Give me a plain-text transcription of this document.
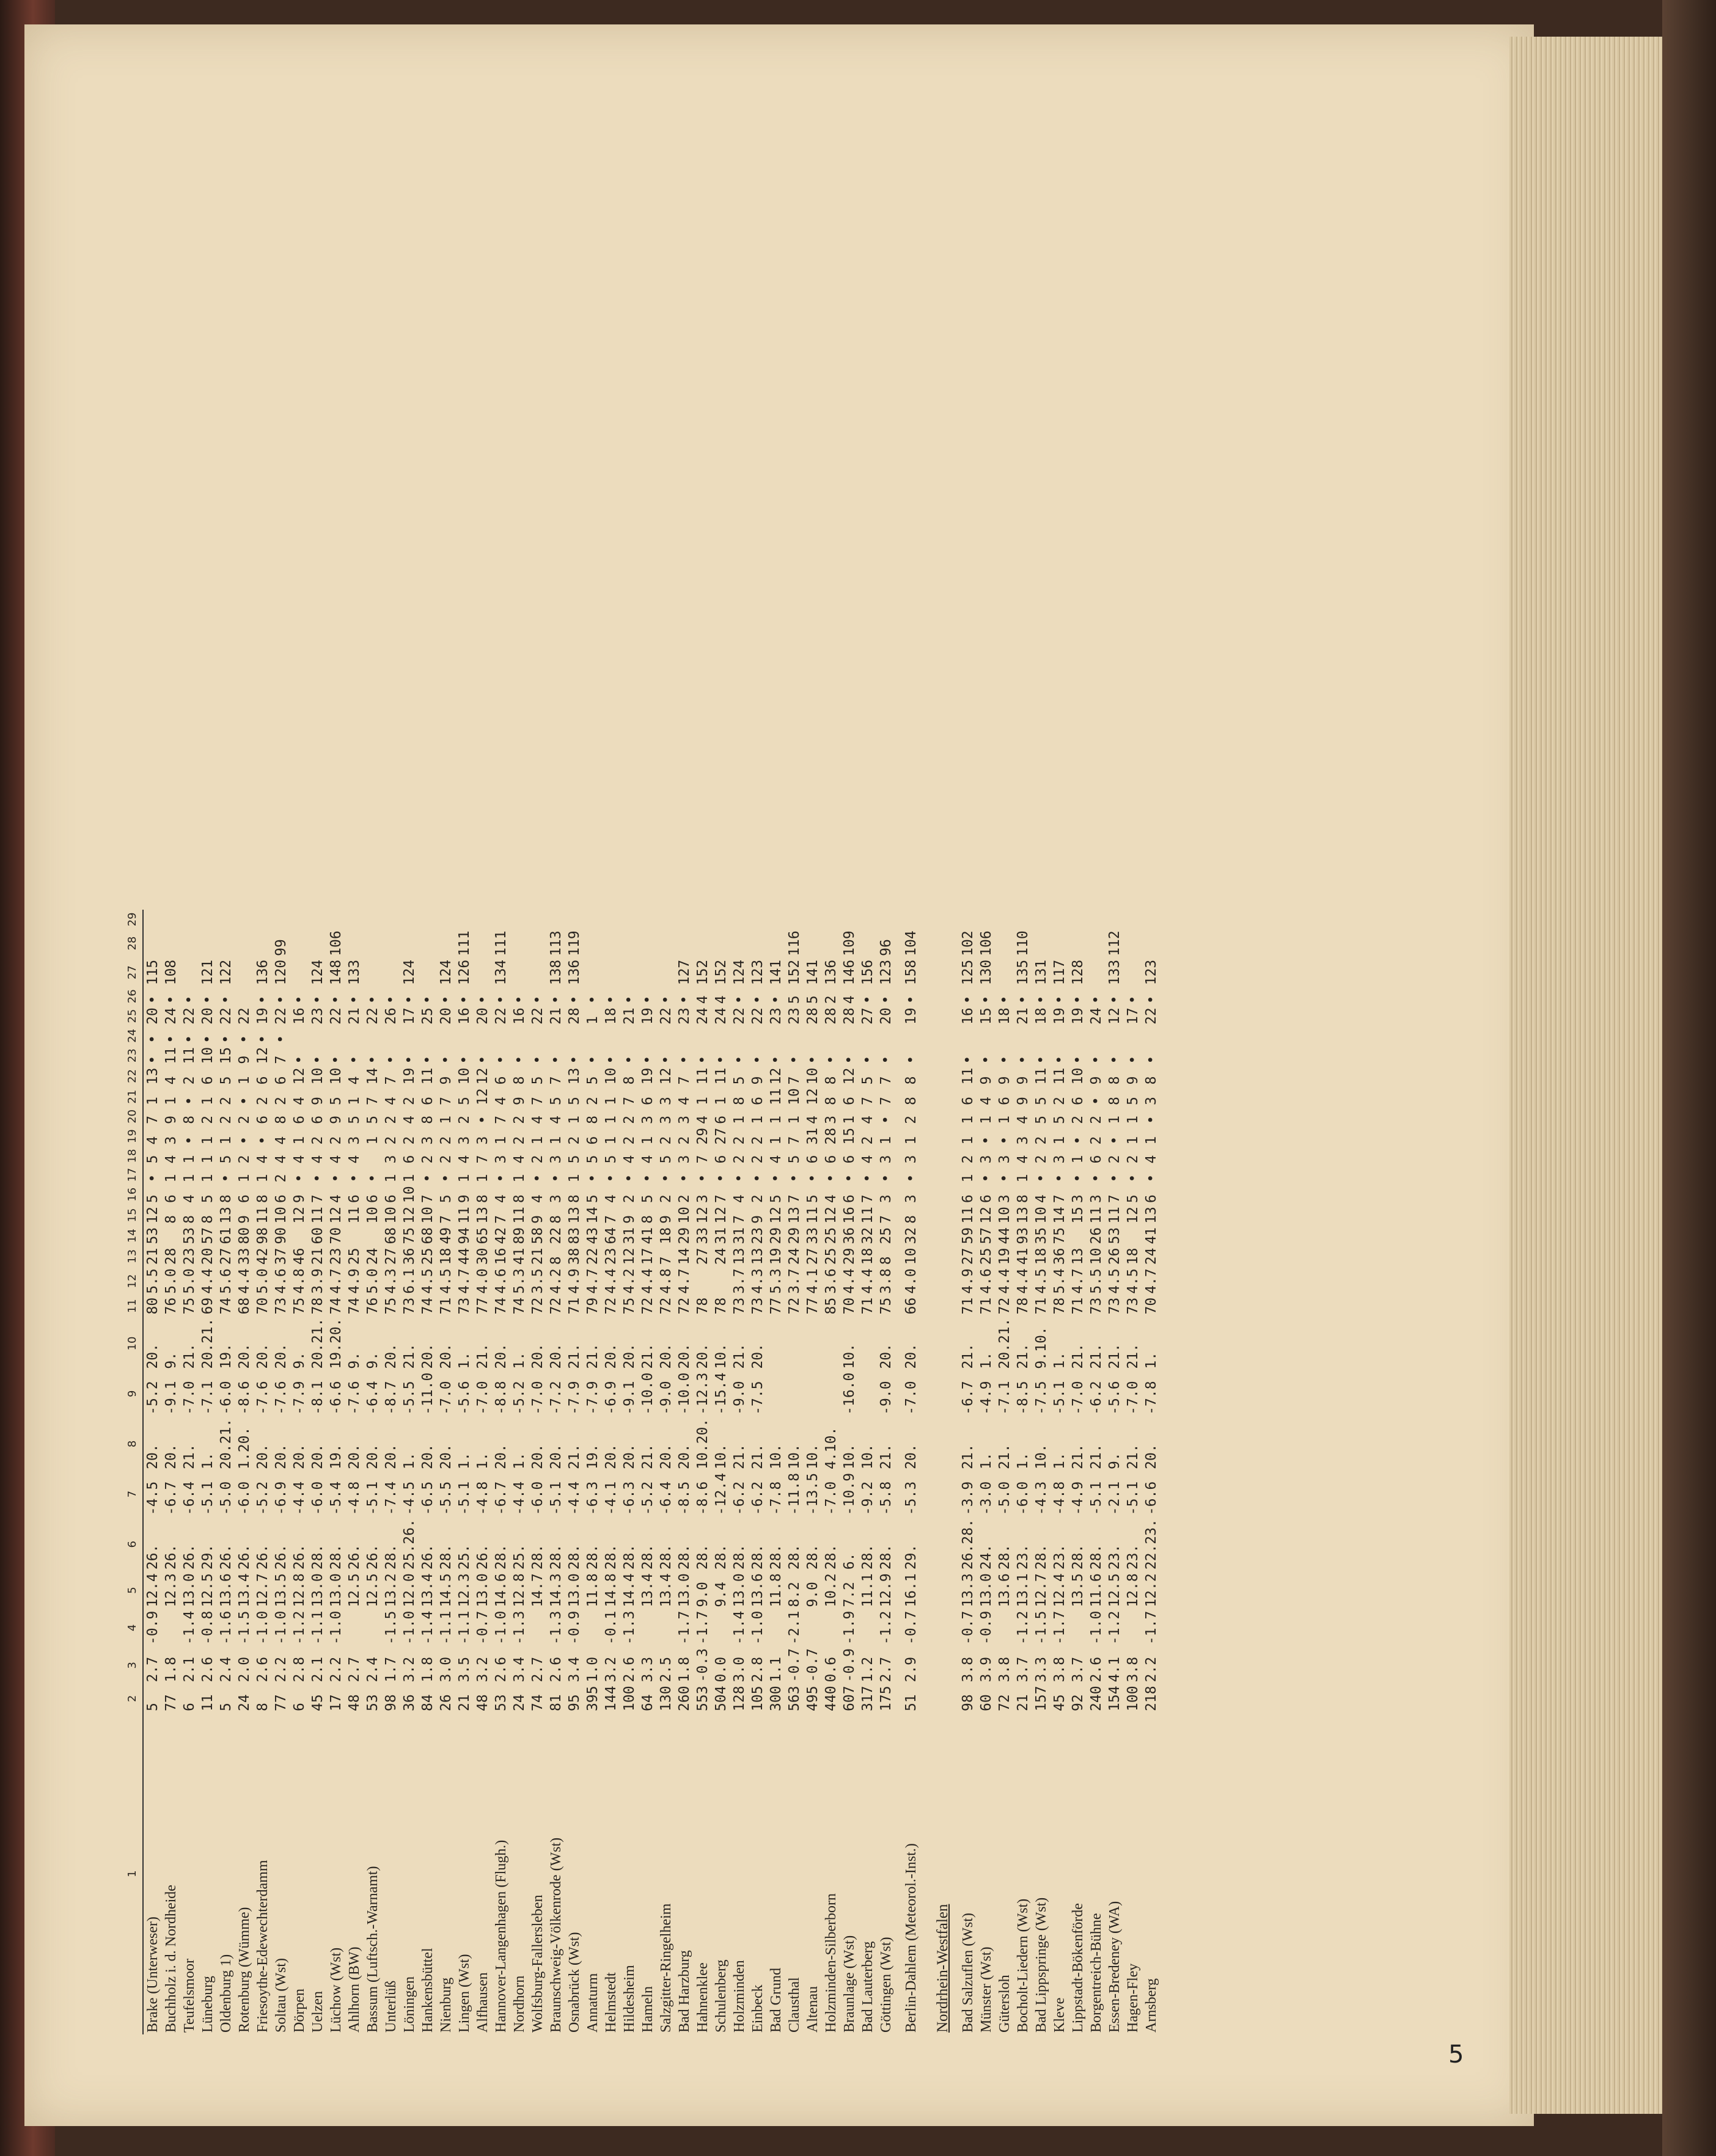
1	2	3	4	5	6	7	8	9	10	11	12	13	14	15	16	17	18	19	20	21	22	23	24	25	26	27	28	29
Brake (Unterweser)	5	2.7	-0.9	12.4	26.	-4.5	20.	-5.2	20.	80	5.5	21	53	12	5	•	5	4	7	1	13	•	•	20	•	115		
Buchholz i. d. Nordheide	77	1.8		12.3	26.	-6.7	20.	-9.1	9.	76	5.0	28		8	6	1	4	3	9	1	4	11	•	24	•	108		
Teufelsmoor	6	2.1	-1.4	13.0	26.	-6.4	21.	-7.0	21.	75	5.0	23	53	8	4	1	1	•	8	•	2	11	•	22	•			
Lüneburg	11	2.6	-0.8	12.5	29.	-5.1	1.	-7.1	20.21.	69	4.4	20	57	8	5	1	1	1	2	1	6	10	•	20	•	121		
Oldenburg 1)	5	2.4	-1.6	13.6	26.	-5.0	20.21.	-6.0	19.	74	5.6	27	61	13	8	•	5	1	2	2	5	15	•	22	•	122		
Rotenburg (Wümme)	24	2.0	-1.5	13.4	26.	-6.0	1.20.	-8.6	20.	68	4.4	33	80	9	6	1	2	•	2	•	1	9	•	22				
Friesoythe-Edewechterdamm	8	2.6	-1.0	12.7	26.	-5.2	20.	-7.6	20.	70	5.0	42	98	11	8	1	4	•	6	2	6	12	•	19	•	136		
Soltau (Wst)	77	2.2	-1.0	13.5	26.	-6.9	20.	-7.6	20.	73	4.6	37	90	10	6	2	4	4	8	2	6	7	•	22	•	120	99	
Dörpen	6	2.8	-1.2	12.8	26.	-4.4	20.	-7.9	9.	75	4.8	46		12	9	•	4	1	6	4	12	•		16	•			
Uelzen	45	2.1	-1.1	13.0	28.	-6.0	20.	-8.1	20.21.	78	3.9	21	60	11	7	•	4	2	6	9	10	•		23	•	124		
Lüchow (Wst)	17	2.2	-1.0	13.0	28.	-5.4	19.	-6.6	19.20.	74	4.7	23	70	12	4	•	4	2	9	5	10	•		22	•	148	106	
Ahlhorn (BW)	48	2.7		12.5	26.	-4.8	20.	-7.6	9.	74	4.9	25		11	6	•	4	3	5	1	4	•		21	•	133		
Bassum (Luftsch.-Warnamt)	53	2.4		12.5	26.	-5.1	20.	-6.4	9.	76	5.0	24		10	6	•		1	5	7	14	•		22	•			
Unterlüß	98	1.7	-1.5	13.2	28.	-7.4	20.	-8.7	20.	75	4.3	27	68	10	6	1	3	2	2	4	7	•		26	•			
Löningen	36	3.2	-1.0	12.0	25.26.	-4.5	1.	-5.5	21.	73	6.1	36	75	12	10	1	6	2	4	2	19	•		17	•	124		
Hankensbüttel	84	1.8	-1.4	13.4	26.	-6.5	20.	-11.0	20.	74	4.5	25	68	10	7	•	2	3	8	6	11	•		25	•			
Nienburg	26	3.0	-1.1	14.5	28.	-5.5	20.	-7.0	20.	71	4.5	18	49	7	5	•	2	2	1	7	9	•		20	•	124		
Lingen (Wst)	21	3.5	-1.1	12.3	25.	-5.1	1.	-5.6	1.	73	4.7	44	94	11	9	1	4	3	2	5	10	•		16	•	126	111	
Alfhausen	48	3.2	-0.7	13.0	26.	-4.8	1.	-7.0	21.	77	4.0	30	65	13	8	1	7	3	•	12	12	•		20	•			
Hannover-Langenhagen (Flugh.)	53	2.6	-1.0	14.6	28.	-6.7	20.	-8.8	20.	74	4.6	16	42	7	4	•	3	1	7	4	6	•		22	•	134	111	
Nordhorn	24	3.4	-1.3	12.8	25.	-4.4	1.	-5.2	1.	74	5.3	41	89	11	8	1	4	2	2	9	8	•		16	•			
Wolfsburg-Fallersleben	74	2.7		14.7	28.	-6.0	20.	-7.0	20.	72	3.5	21	58	9	4	•	2	1	4	7	5	•		22	•			
Braunschweig-Völkenrode (Wst)	81	2.6	-1.3	14.3	28.	-5.1	20.	-7.2	20.	72	4.2	8	22	8	3	•	3	1	4	5	7	•		21	•	138	113	
Osnabrück (Wst)	95	3.4	-0.9	13.0	28.	-4.4	21.	-7.9	21.	71	4.9	38	83	13	8	1	5	2	1	5	13	•		28	•	136	119	
Annaturm	395	1.0		11.8	28.	-6.3	19.	-7.9	21.	79	4.7	22	43	14	5	•	5	6	8	2	5	•		1	•			
Helmstedt	144	3.2	-0.1	14.8	28.	-4.1	20.	-6.9	20.	72	4.4	23	64	7	4	•	5	1	1	1	10	•		18	•			
Hildesheim	100	2.6	-1.3	14.4	28.	-6.3	20.	-9.1	20.	75	4.2	12	31	9	2	•	4	2	2	7	8	•		21	•			
Hameln	64	3.3		13.4	28.	-5.2	21.	-10.0	21.	72	4.4	17	41	8	5	•	4	1	3	6	19	•		19	•			
Salzgitter-Ringelheim	130	2.5		13.4	28.	-6.4	20.	-9.0	20.	72	4.8	7	18	9	2	•	5	2	3	3	12	•		22	•			
Bad Harzburg	260	1.8	-1.7	13.0	28.	-8.5	20.	-10.0	20.	72	4.7	14	29	10	2	•	3	2	3	4	7	•		23	•	127		
Hahnenklee	553	-0.3	-1.7	9.0	28.	-8.6	10.20.	-12.3	20.	78		27	33	12	3	•	7	29	4	1	11	•		24	4	152		
Schulenberg	504	0.0		9.4	28.	-12.4	10.	-15.4	10.	78		24	31	12	7	•	6	27	6	1	11	•		24	4	152		
Holzminden	128	3.0	-1.4	13.0	28.	-6.2	21.	-9.0	21.	73	3.7	13	31	7	4	•	2	2	1	8	5	•		22	•	124		
Einbeck	105	2.8	-1.0	13.6	28.	-6.2	21.	-7.5	20.	73	4.3	13	23	9	2	•	2	2	1	6	9	•		22	•	123		
Bad Grund	300	1.1		11.8	28.	-7.8	10.			77	5.3	19	29	12	5	•	4	1	1	11	12	•		23	•	141		
Clausthal	563	-0.7	-2.1	8.2	28.	-11.8	10.			72	3.7	24	29	13	7	•	5	7	1	10	7	•		23	5	152	116	
Altenau	495	-0.7		9.0	28.	-13.5	10.			77	4.1	27	33	11	5	•	6	31	4	12	10	•		28	5	141		
Holzminden-Silberborn	440	0.6		10.2	28.	-7.0	4.10.			85	3.6	25	25	12	4	•	6	28	3	8	8	•		28	2	136		
Braunlage (Wst)	607	-0.9	-1.9	7.2	6.	-10.9	10.	-16.0	10.	70	4.4	29	36	16	6	•	6	15	1	6	12	•		28	4	146	109	
Bad Lauterberg	317	1.2		11.1	28.	-9.2	10.			71	4.4	18	32	11	7	•	4	2	4	7	5	•		27	•	156		
Göttingen (Wst)	175	2.7	-1.2	12.9	28.	-5.8	21.	-9.0	20.	75	3.8	8	25	7	3	•	3	1	•	7	7	•		20	•	123	96	
Berlin-Dahlem (Meteorol.-Inst.)	51	2.9	-0.7	16.1	29.	-5.3	20.	-7.0	20.	66	4.0	10	32	8	3	•	3	1	2	8	8	•		19	•	158	104	
Nordrhein-Westfalen																												
Bad Salzuflen (Wst)	98	3.8	-0.7	13.3	26.28.	-3.9	21.	-6.7	21.	71	4.9	27	59	11	6	1	2	1	1	6	11	•		16	•	125	102	
Münster (Wst)	60	3.9	-0.9	13.0	24.	-3.0	1.	-4.9	1.	71	4.6	25	57	12	6	•	3	•	1	4	9	•		15	•	130	106	
Gütersloh	72	3.8		13.6	28.	-5.0	21.	-7.1	20.21.	72	4.4	19	44	10	3	•	3	•	1	6	9	•		18	•			
Bocholt-Liedern (Wst)	21	3.7	-1.2	13.1	23.	-6.0	1.	-8.5	21.	78	4.4	41	93	13	8	1	4	3	4	9	9	•		21	•	135	110	
Bad Lippspringe (Wst)	157	3.3	-1.5	12.7	28.	-4.3	10.	-7.5	9.10.	71	4.5	18	35	10	4	•	2	2	5	5	11	•		18	•	131		
Kleve	45	3.8	-1.7	12.4	23.	-4.8	1.	-5.1	1.	78	5.4	36	75	14	7	•	3	1	5	2	11	•		19	•	117		
Lippstadt-Bökenförde	92	3.7		13.5	28.	-4.9	21.	-7.0	21.	71	4.7	13		15	3	•	1	•	2	6	10	•		19	•	128		
Borgentreich-Bühne	240	2.6	-1.0	11.6	28.	-5.1	21.	-6.2	21.	73	5.5	10	26	11	3	•	6	2	2	•	9	•		24	•			
Essen-Bredeney (WA)	154	4.1	-1.2	12.5	23.	-2.1	9.	-5.6	21.	73	4.5	26	53	11	7	•	2	•	1	8	8	•		12	•	133	112	
Hagen-Fley	100	3.8		12.8	23.	-5.1	21.	-7.0	21.	73	4.5	18		12	5	•	2	1	1	5	9	•		17	•			
Arnsberg	218	2.2	-1.7	12.2	22.23.	-6.6	20.	-7.8	1.	70	4.7	24	41	13	6	•	4	1	•	3	8	•		22	•	123		
5
